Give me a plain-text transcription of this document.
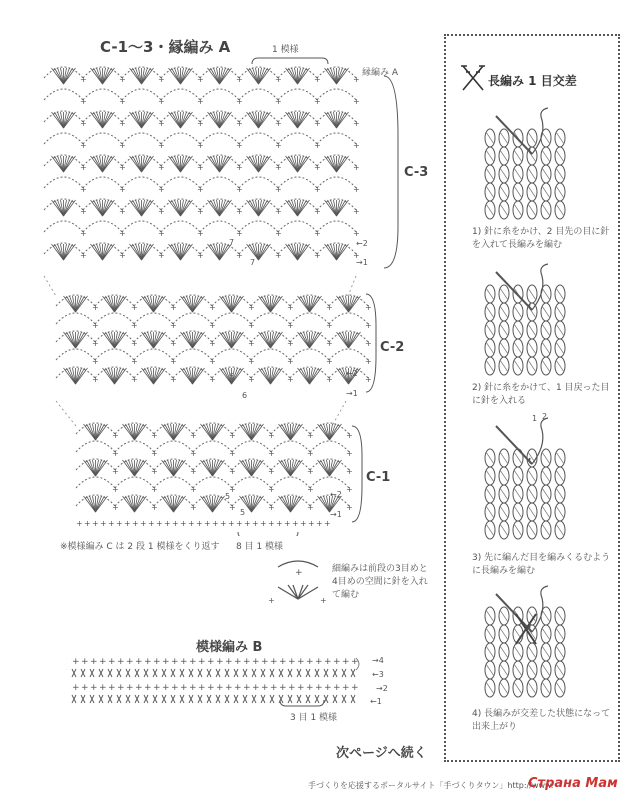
C-1～3・縁編み A	1 模様
縁編み A
+	+	+	+	+	+	+	+
+	+	+	+	+	+	+	+
+	+	+	+	+	+	+	+
+	+	+	+	+	+	+	+
+	+	+	+	+	+	+	+
+	+	+	+	+	+	+	+
+	+	+	+	+	+	+	+
+	+	+	+	+	+	+	+
+	+	+	+	+	+	+	+
+	+	+	+	+	+	+	+
+	+	+	+	+	+	+	+
+	+	+	+	+	+	+	+
+	+	+	+	+	+	+	+
+	+	+	+	+	+	+	+
+	+	+	+	+	+	+
+	+	+	+	+	+	+
+	+	+	+	+	+	+
+	+	+	+	+	+	+
+	+	+	+	+	+	+
+ + + + + + + + + + + + + + + + + + + + + + + + + + + + + + + +
C-3
C-2
C-1
7
7
6
6
5
5
←2
→1
←2
→1
←2
→1
※模様編み C は 2 段 1 模様をくり返す 8 目 1 模様
+
+	+
細編みは前段の3目めと4目めの空間に針を入れて編む
模様編み B
+ + + + + + + + + + + + + + + + + + + + + + + + + + + + + + + +
+ + + + + + + + + + + + + + + + + + + + + + + + + + + + + + + +
→4
←3
→2
←1
3 目 1 模様
次ページへ続く
手づくりを応援するポータルサイト「手づくりタウン」http://www.
Страна Мам
長編み 1 目交差
1) 針に糸をかけ、2 目先の目に針を入れて長編みを編む
2) 針に糸をかけて、1 目戻った目に針を入れる
3) 先に編んだ目を編みくるむように長編みを編む
1 2
4) 長編みが交差した状態になって出来上がり
